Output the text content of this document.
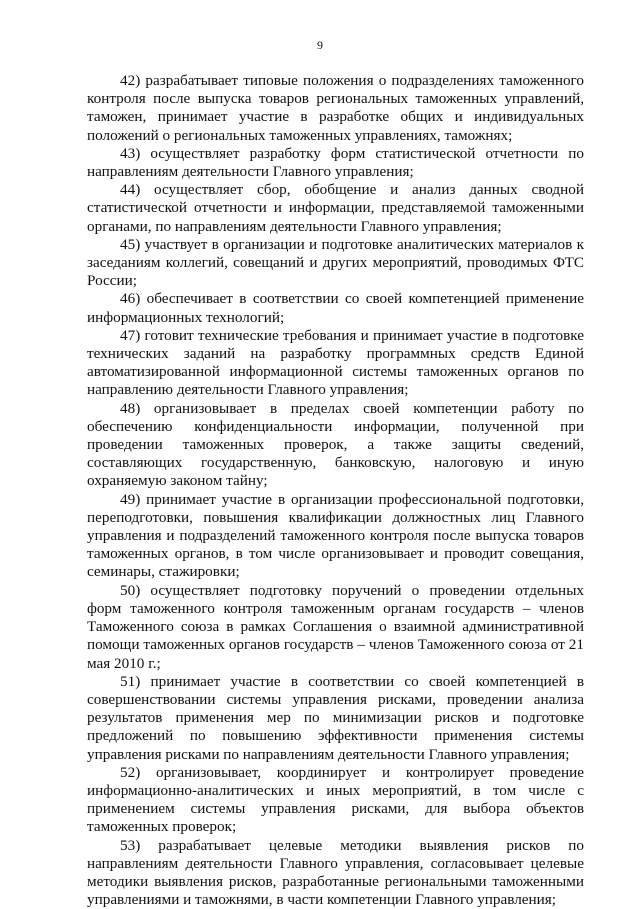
9

42) разрабатывает типовые положения о подразделениях таможенного контроля после выпуска товаров региональных таможенных управлений, таможен, принимает участие в разработке общих и индивидуальных положений о региональных таможенных управлениях, таможнях;

43) осуществляет разработку форм статистической отчетности по направлениям деятельности Главного управления;

44) осуществляет сбор, обобщение и анализ данных сводной статистической отчетности и информации, представляемой таможенными органами, по направлениям деятельности Главного управления;

45) участвует в организации и подготовке аналитических материалов к заседаниям коллегий, совещаний и других мероприятий, проводимых ФТС России;

46) обеспечивает в соответствии со своей компетенцией применение информационных технологий;

47) готовит технические требования и принимает участие в подготовке технических заданий на разработку программных средств Единой автоматизированной информационной системы таможенных органов по направлению деятельности Главного управления;

48) организовывает в пределах своей компетенции работу по обеспечению конфиденциальности информации, полученной при проведении таможенных проверок, а также защиты сведений, составляющих государственную, банковскую, налоговую и иную охраняемую законом тайну;

49) принимает участие в организации профессиональной подготовки, переподготовки, повышения квалификации должностных лиц Главного управления и подразделений таможенного контроля после выпуска товаров таможенных органов, в том числе организовывает и проводит совещания, семинары, стажировки;

50) осуществляет подготовку поручений о проведении отдельных форм таможенного контроля таможенным органам государств – членов Таможенного союза в рамках Соглашения о взаимной административной помощи таможенных органов государств – членов Таможенного союза от 21 мая 2010 г.;

51) принимает участие в соответствии со своей компетенцией в совершенствовании системы управления рисками, проведении анализа результатов применения мер по минимизации рисков и подготовке предложений по повышению эффективности применения системы управления рисками по направлениям деятельности Главного управления;

52) организовывает, координирует и контролирует проведение информационно-аналитических и иных мероприятий, в том числе с применением системы управления рисками, для выбора объектов таможенных проверок;

53) разрабатывает целевые методики выявления рисков по направлениям деятельности Главного управления, согласовывает целевые методики выявления рисков, разработанные региональными таможенными управлениями и таможнями, в части компетенции Главного управления;
